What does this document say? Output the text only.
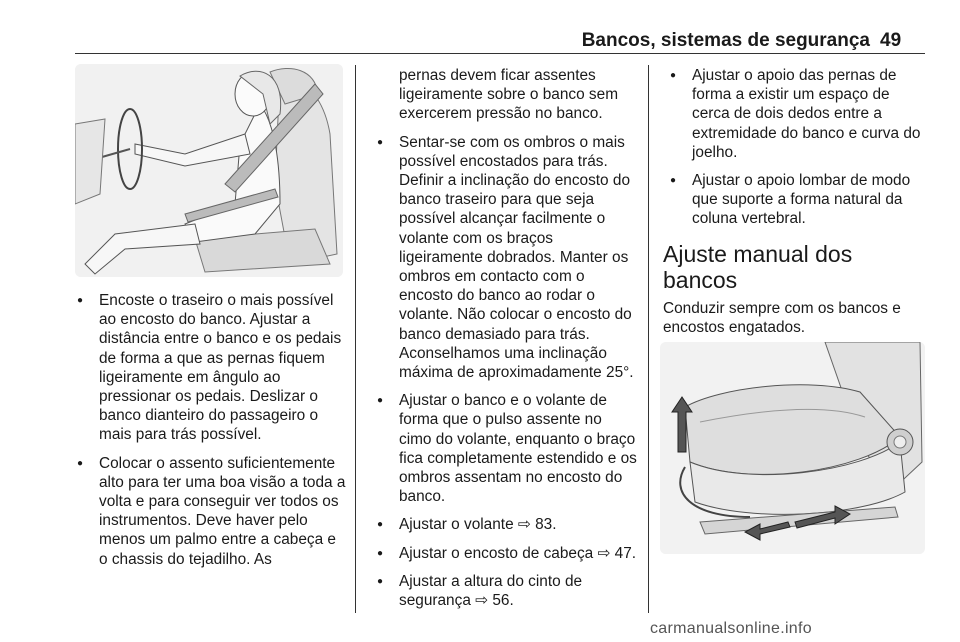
Bancos, sistemas de segurança 49
● Encoste o traseiro o mais possível ao encosto do banco. Ajustar a distância entre o banco e os pedais de forma a que as pernas fiquem ligeiramente em ângulo ao pressionar os pedais. Deslizar o banco dianteiro do passageiro o mais para trás possível.
● Colocar o assento suficientemente alto para ter uma boa visão a toda a volta e para conseguir ver todos os instrumentos. Deve haver pelo menos um palmo entre a cabeça e o chassis do tejadilho. As
pernas devem ficar assentes ligeiramente sobre o banco sem exercerem pressão no banco.
● Sentar-se com os ombros o mais possível encostados para trás. Definir a inclinação do encosto do banco traseiro para que seja possível alcançar facilmente o volante com os braços ligeiramente dobrados. Manter os ombros em contacto com o encosto do banco ao rodar o volante. Não colocar o encosto do banco demasiado para trás. Aconselhamos uma inclinação máxima de aproximadamente 25°.
● Ajustar o banco e o volante de forma que o pulso assente no cimo do volante, enquanto o braço fica completamente estendido e os ombros assentam no encosto do banco.
● Ajustar o volante ⇨ 83.
● Ajustar o encosto de cabeça ⇨ 47.
● Ajustar a altura do cinto de segurança ⇨ 56.
● Ajustar o apoio das pernas de forma a existir um espaço de cerca de dois dedos entre a extremidade do banco e curva do joelho.
● Ajustar o apoio lombar de modo que suporte a forma natural da coluna vertebral.
Ajuste manual dos bancos

Conduzir sempre com os bancos e encostos engatados.

carmanualsonline.info
